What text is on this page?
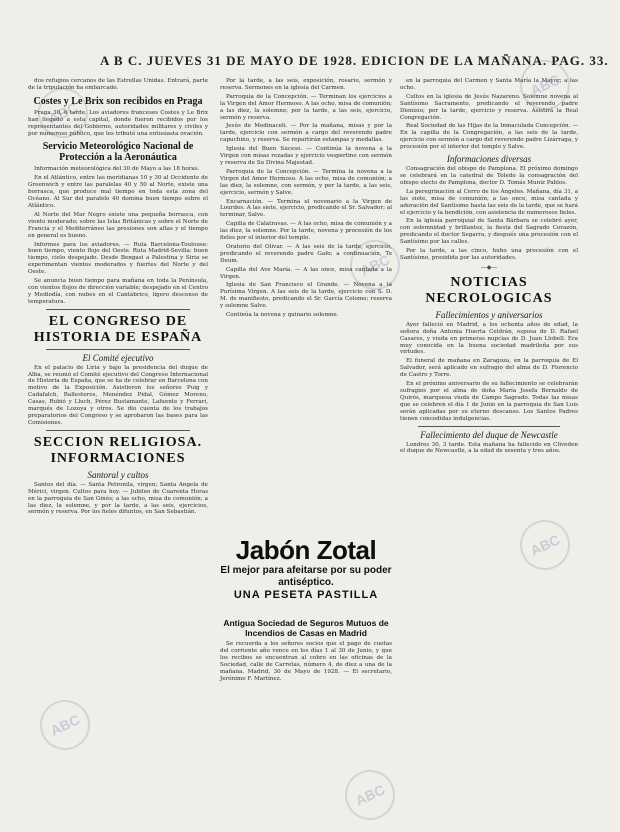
ABC
ABC
ABC
ABC
ABC
ABC
A B C. JUEVES 31 DE MAYO DE 1928. EDICION DE LA MAÑANA. PAG. 33.

dos refugios cercanos de las Estrellas Unidas. Entrará, parte de la tripulación ha embarcado.

Costes y Le Brix son recibidos en Praga

Praga 30, 6 tarde. Los aviadores franceses Costes y Le Brix han llegado a esta capital, donde fueron recibidos por los representantes del Gobierno, autoridades militares y civiles y por numeroso público, que les tributó una entusiasta ovación.

Servicio Meteorológico Nacional de Protección a la Aeronáutica

Información meteorológica del 30 de Mayo a las 18 horas.

En el Atlántico, entre las meridianas 10 y 30 al Occidente de Greenwich y entre las paralelas 40 y 50 al Norte, existe una borrasca, que produce mal tiempo en toda esta zona del Océano. Al Sur del paralelo 40 domina buen tiempo sobre el Atlántico.

Al Norte del Mar Negro existe una pequeña borrasca, con viento moderado; sobre las Islas Británicas y sobre el Norte de Francia y el Mediterráneo las presiones son altas y el tiempo en general es bueno.

Informes para los aviadores. — Ruta Barcelona-Toulouse: buen tiempo, viento flojo del Oeste. Ruta Madrid-Sevilla: buen tiempo, cielo despejado. Desde Bengasi a Palestina y Siria se experimentan vientos moderados y fuertes del Norte y del Oeste.

Se anuncia buen tiempo para mañana en toda la Península, con vientos flojos de dirección variable; despejado en el Centro y Mediodía, con nubes en el Cantábrico, ligero descenso de temperatura.

EL CONGRESO DE HISTORIA DE ESPAÑA
El Comité ejecutivo

En el palacio de Liria y bajo la presidencia del duque de Alba, se reunió el Comité ejecutivo del Congreso Internacional de Historia de España, que se ha de celebrar en Barcelona con motivo de la Exposición. Asistieron los señores Puig y Cadafalch, Ballesteros, Menéndez Pidal, Gómez Moreno, Casas, Rubió y Lluch, Pérez Bustamante, Lafuente y Ferrari, marqués de Lozoya y otros. Se dio cuenta de los trabajos preparatorios del Congreso y se aprobaron las bases para las Comisiones.

SECCION RELIGIOSA. INFORMACIONES
Santoral y cultos

Santos del día. — Santa Petronila, virgen; Santa Angela de Mérici, virgen. Cultos para hoy. — Jubileo de Cuarenta Horas en la parroquia de San Ginés; a las ocho, misa de comunión; a las diez, la solemne, y por la tarde, a las seis, ejercicios, sermón y reserva. Por los fieles difuntos, en San Sebastián.

Por la tarde, a las seis, exposición, rosario, sermón y reserva. Sermones en la iglesia del Carmen.

Parroquia de la Concepción. — Terminan los ejercicios a la Virgen del Amor Hermoso. A las ocho, misa de comunión; a las diez, la solemne; por la tarde, a las seis, ejercicio, sermón y reserva.

Jesús de Medinaceli. — Por la mañana, misas y por la tarde, ejercicio con sermón a cargo del reverendo padre capuchino, y reserva. Se repartirán estampas y medallas.

Iglesia del Buen Suceso. — Continúa la novena a la Virgen con misas rezadas y ejercicio vespertino con sermón y reserva de Su Divina Majestad.

Parroquia de la Concepción. — Termina la novena a la Virgen del Amor Hermoso. A las ocho, misa de comunión; a las diez, la solemne, con sermón, y por la tarde, a las seis, ejercicio, sermón y Salve.

Encarnación. — Termina el novenario a la Virgen de Lourdes. A las siete, ejercicio, predicando el Sr. Salvador; al terminar, Salve.

Capilla de Calatravas. — A las ocho, misa de comunión y a las diez, la solemne. Por la tarde, novena y procesión de los fieles por el interior del templo.

Oratorio del Olivar. — A las seis de la tarde, ejercicio, predicando el reverendo padre Gafo; a continuación, Te Deum.

Capilla del Ave María. — A las once, misa cantada a la Virgen.

Iglesia de San Francisco el Grande. — Novena a la Purísima Virgen. A las seis de la tarde, ejercicio con S. D. M. de manifiesto, predicando el Sr. García Colomo; reserva y solemne Salve.

Continúa la novena y quinario solemne.

Jabón Zotal
El mejor para afeitarse por su poder antiséptico.
UNA PESETA PASTILLA
Antigua Sociedad de Seguros Mutuos de Incendios de Casas en Madrid

Se recuerda a los señores socios que el pago de cuotas del corriente año vence en los días 1 al 30 de Junio, y que los recibos se encuentran al cobro en las oficinas de la Sociedad, calle de Carretas, número 4, de diez a una de la mañana. Madrid, 30 de Mayo de 1928. — El secretario, Jerónimo F. Martínez.

en la parroquia del Carmen y Santa María la Mayor; a las ocho.

Cultos en la iglesia de Jesús Nazareno. Solemne novena al Santísimo Sacramento, predicando el reverendo padre Dionisio; por la tarde, ejercicio y reserva. Asistirá la Real Congregación.

Real Sociedad de las Hijas de la Inmaculada Concepción. — En la capilla de la Congregación, a las seis de la tarde, ejercicio con sermón a cargo del reverendo padre Lizárraga, y procesión por el interior del templo y Salve.

Informaciones diversas

Consagración del obispo de Pamplona. El próximo domingo se celebrará en la catedral de Toledo la consagración del obispo electo de Pamplona, doctor D. Tomás Muniz Pablos.

La peregrinación al Cerro de los Ángeles. Mañana, día 31, a las siete, misa de comunión; a las once, misa cantada y adoración del Santísimo hasta las seis de la tarde, que se hará el ejercicio y la bendición, con asistencia de numerosos fieles.

En la iglesia parroquial de Santa Bárbara se celebró ayer, con solemnidad y brillantez, la fiesta del Sagrado Corazón, predicando el doctor Segarra, y después una procesión con el Santísimo por las calles.

Por la tarde, a las cinco, hubo una procesión con el Santísimo, presidida por las autoridades.

—◆—
NOTICIAS NECROLOGICAS
Fallecimientos y aniversarios

Ayer falleció en Madrid, a los ochenta años de edad, la señora doña Antonia Huerta Celdrán, esposa de D. Rafael Casares, y viuda en primeras nupcias de D. Juan Llobell. Era muy conocida en la buena sociedad madrileña por sus virtudes.

El funeral de mañana en Zaragoza, en la parroquia de El Salvador, será aplicado en sufragio del alma de D. Florencio de Castro y Torre.

En el próximo aniversario de su fallecimiento se celebrarán sufragios por el alma de doña María Josefa Bernaldo de Quirós, marquesa viuda de Campo Sagrado. Todas las misas que se celebren el día 1 de Junio en la parroquia de San Luis serán aplicadas por su eterno descanso. Los Santos Padres tienen concedidas indulgencias.

Fallecimiento del duque de Newcastle

Londres 30, 3 tarde. Esta mañana ha fallecido en Cliveden el duque de Newcastle, a la edad de sesenta y tres años.
